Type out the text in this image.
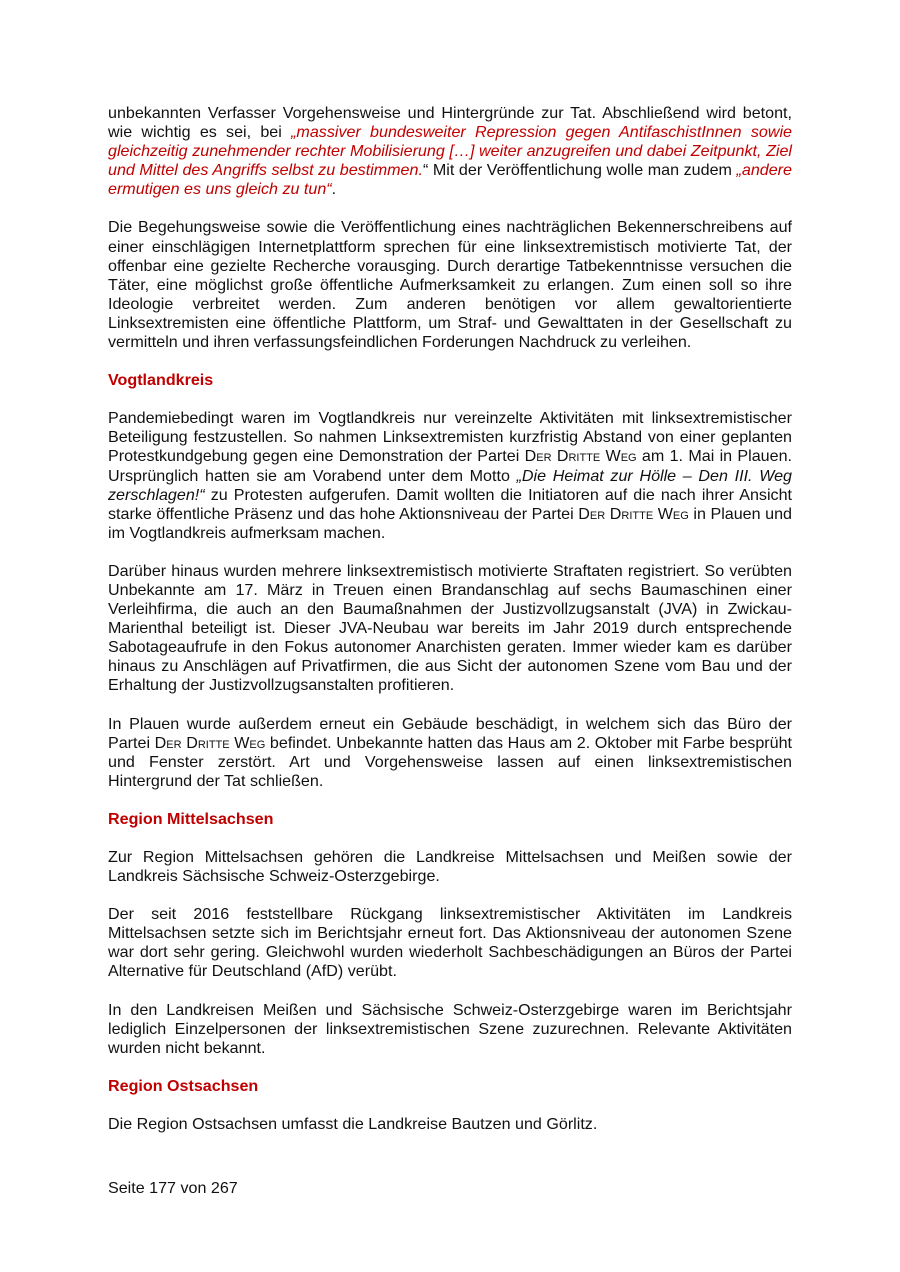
unbekannten Verfasser Vorgehensweise und Hintergründe zur Tat. Abschließend wird betont, wie wichtig es sei, bei „massiver bundesweiter Repression gegen AntifaschistInnen sowie gleichzeitig zunehmender rechter Mobilisierung […] weiter anzugreifen und dabei Zeitpunkt, Ziel und Mittel des Angriffs selbst zu bestimmen.“ Mit der Veröffentlichung wolle man zudem „andere ermutigen es uns gleich zu tun“.

Die Begehungsweise sowie die Veröffentlichung eines nachträglichen Bekennerschreibens auf einer einschlägigen Internetplattform sprechen für eine linksextremistisch motivierte Tat, der offenbar eine gezielte Recherche vorausging. Durch derartige Tatbekenntnisse versuchen die Täter, eine möglichst große öffentliche Aufmerksamkeit zu erlangen. Zum einen soll so ihre Ideologie verbreitet werden. Zum anderen benötigen vor allem gewaltorientierte Linksextremisten eine öffentliche Plattform, um Straf- und Gewalttaten in der Gesellschaft zu vermitteln und ihren verfassungsfeindlichen Forderungen Nachdruck zu verleihen.

Vogtlandkreis

Pandemiebedingt waren im Vogtlandkreis nur vereinzelte Aktivitäten mit linksextremistischer Beteiligung festzustellen. So nahmen Linksextremisten kurzfristig Abstand von einer geplanten Protestkundgebung gegen eine Demonstration der Partei Der Dritte Weg am 1. Mai in Plauen. Ursprünglich hatten sie am Vorabend unter dem Motto „Die Heimat zur Hölle – Den III. Weg zerschlagen!“ zu Protesten aufgerufen. Damit wollten die Initiatoren auf die nach ihrer Ansicht starke öffentliche Präsenz und das hohe Aktionsniveau der Partei Der Dritte Weg in Plauen und im Vogtlandkreis aufmerksam machen.

Darüber hinaus wurden mehrere linksextremistisch motivierte Straftaten registriert. So verübten Unbekannte am 17. März in Treuen einen Brandanschlag auf sechs Baumaschinen einer Verleihfirma, die auch an den Baumaßnahmen der Justizvollzugsanstalt (JVA) in Zwickau-Marienthal beteiligt ist. Dieser JVA-Neubau war bereits im Jahr 2019 durch entsprechende Sabotageaufrufe in den Fokus autonomer Anarchisten geraten. Immer wieder kam es darüber hinaus zu Anschlägen auf Privatfirmen, die aus Sicht der autonomen Szene vom Bau und der Erhaltung der Justizvollzugsanstalten profitieren.

In Plauen wurde außerdem erneut ein Gebäude beschädigt, in welchem sich das Büro der Partei Der Dritte Weg befindet. Unbekannte hatten das Haus am 2. Oktober mit Farbe besprüht und Fenster zerstört. Art und Vorgehensweise lassen auf einen linksextremistischen Hintergrund der Tat schließen.

Region Mittelsachsen

Zur Region Mittelsachsen gehören die Landkreise Mittelsachsen und Meißen sowie der Landkreis Sächsische Schweiz-Osterzgebirge.

Der seit 2016 feststellbare Rückgang linksextremistischer Aktivitäten im Landkreis Mittelsachsen setzte sich im Berichtsjahr erneut fort. Das Aktionsniveau der autonomen Szene war dort sehr gering. Gleichwohl wurden wiederholt Sachbeschädigungen an Büros der Partei Alternative für Deutschland (AfD) verübt.

In den Landkreisen Meißen und Sächsische Schweiz-Osterzgebirge waren im Berichtsjahr lediglich Einzelpersonen der linksextremistischen Szene zuzurechnen. Relevante Aktivitäten wurden nicht bekannt.

Region Ostsachsen

Die Region Ostsachsen umfasst die Landkreise Bautzen und Görlitz.

Seite 177 von 267
